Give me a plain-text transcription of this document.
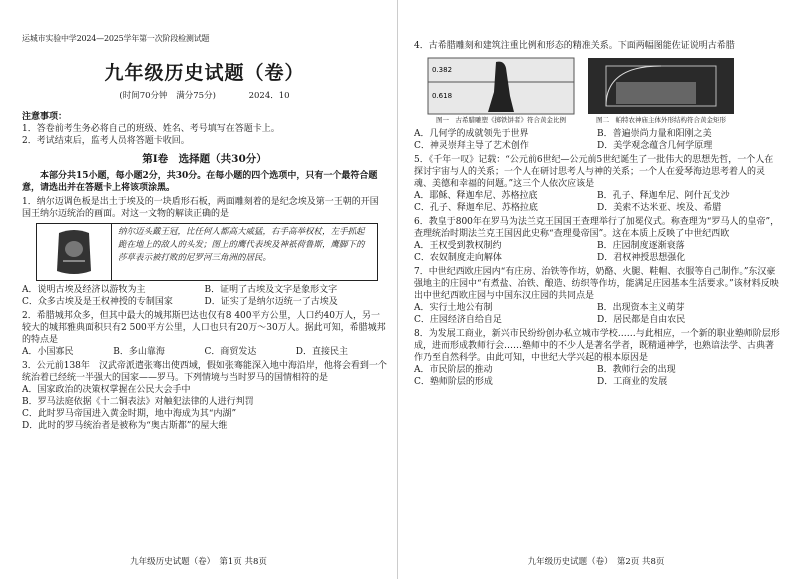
运城市实验中学2024—2025学年第一次阶段检测试题

九年级历史试题（卷）
(时间70分钟 满分75分)	2024．10

注意事项：

1．答卷前考生务必将自己的班级、姓名、考号填写在答题卡上。

2．考试结束后，监考人员将答题卡收回。

第Ⅰ卷　选择题（共30分）

本部分共15小题，每小题2分，共30分。在每小题的四个选项中，只有一个最符合题意，请选出并在答题卡上将该项涂黑。

1．纳尔迈调色板是出土于埃及的一块盾形石板，两面雕刻着的是纪念埃及第一王朝的开国国王纳尔迈统治的画面。对这一文物的解读正确的是

纳尔迈头戴王冠，比任何人都高大威猛，右手高举权杖，左手抓起跪在地上的敌人的头发；图上的鹰代表埃及神祇荷鲁斯，鹰脚下的莎草表示被打败的尼罗河三角洲的居民。
A．说明古埃及经济以游牧为主	B．证明了古埃及文字是象形文字
C．众多古埃及是王权神授的专制国家	D．证实了是纳尔迈统一了古埃及

2．希腊城邦众多，但其中最大的城邦斯巴达也仅有8 400平方公里，人口约40万人，另一较大的城邦雅典面积只有2 500平方公里，人口也只有20万～30万人。据此可知，希腊城邦的特点是

A．小国寡民	B．多山靠海	C．商贸发达	D．直接民主

3．公元前138年　汉武帝派遣张骞出使西域，假如张骞能深入地中海沿岸，他将会看到一个统治着已经统一半强大的国家——罗马。下列情境与当时罗马的国情相符的是

A．国家政治的决策权掌握在公民大会手中

B．罗马法庭依据《十二铜表法》对触犯法律的人进行判罚

C．此时罗马帝国进入黄金时期，地中海成为其“内湖”

D．此时的罗马统治者是被称为“奥古斯都”的屋大维

九年级历史试题（卷）　第1页 共8页

4．古希腊雕刻和建筑注重比例和形态的精准关系。下面两幅图能佐证说明古希腊

0.382
0.618
图一　古希腊雕塑《掷铁饼者》符合黄金比例	图二　帕特农神庙主体外形结构符合黄金矩形
A．几何学的成就领先于世界	B．普遍崇尚力量和阳刚之美
C．神灵崇拜主导了艺术创作	D．美学观念蕴含几何学原理

5．《千年一叹》记载：“公元前6世纪—公元前5世纪诞生了一批伟大的思想先哲，一个人在探讨宇宙与人的关系；一个人在研讨思考人与神的关系；一个人在爱琴海边思考着人的灵魂、美德和幸福的问题。”这三个人依次应该是

A．耶稣、释迦牟尼、苏格拉底	B．孔子、释迦牟尼、阿什瓦戈沙
C．孔子、释迦牟尼、苏格拉底	D．美索不达米亚、埃及、希腊

6．教皇于800年在罗马为法兰克王国国王查理举行了加冕仪式。称查理为“罗马人的皇帝”，查理统治时期法兰克王国因此史称“查理曼帝国”。这在本质上反映了中世纪西欧

A．王权受到教权制约	B．庄园制度逐渐衰落
C．农奴制度走向解体	D．君权神授思想强化

7．中世纪西欧庄园内“有庄房、治铁等作坊，奶酪、火腿、鞋帽、衣服等自己制作。”东汉豪强地主的庄园中“有煮盐、冶铁、酿造、纺织等作坊，能满足庄园基本生活要求。”该材料反映出中世纪西欧庄园与中国东汉庄园的共同点是

A．实行土地公有制	B．出现资本主义萌芽
C．庄园经济自给自足	D．居民都是自由农民

8．为发展工商业，新兴市民纷纷创办私立城市学校……与此相应，一个新的职业塾师阶层形成，进而形成教师行会……塾师中的不少人是著名学者，既精通神学，也熟谙法学、古典著作乃至自然科学。由此可知，中世纪大学兴起的根本原因是

A．市民阶层的推动	B．教师行会的出现
C．塾师阶层的形成	D．工商业的发展
九年级历史试题（卷）　第2页 共8页
